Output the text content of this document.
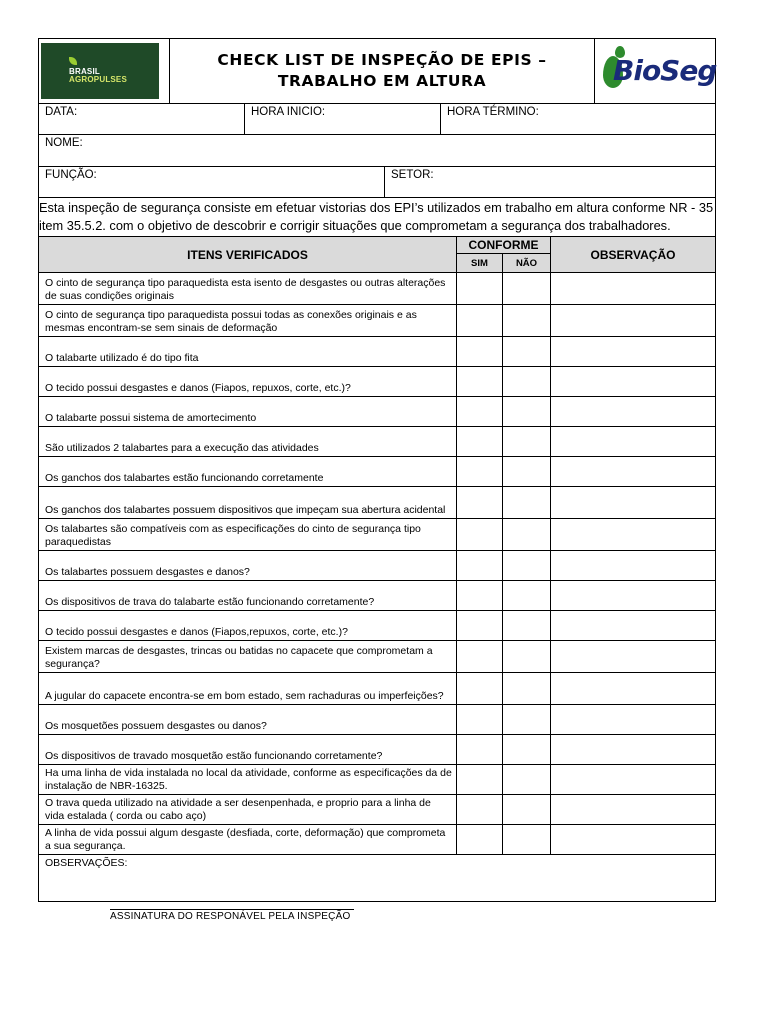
BRASIL
AGROPULSES

CHECK LIST DE INSPEÇÃO DE EPIS –
TRABALHO EM ALTURA	BioSeg
DATA:	HORA INICIO:	HORA TÉRMINO:
NOME:
FUNÇÃO:	SETOR:
Esta inspeção de segurança consiste em efetuar vistorias dos EPI’s utilizados em trabalho em altura conforme NR - 35 item 35.5.2. com o objetivo de descobrir e corrigir situações que comprometam a segurança dos trabalhadores.
ITENS VERIFICADOS	CONFORME		OBSERVAÇÃO
	SIM	NÃO	
O cinto de segurança tipo paraquedista esta isento de desgastes ou outras alterações de suas condições originais			
O cinto de segurança tipo paraquedista possui todas as conexões originais e as mesmas encontram-se sem sinais de deformação			
O talabarte utilizado é do tipo fita			
O tecido possui desgastes e danos (Fiapos, repuxos, corte, etc.)?			
O talabarte possui sistema de amortecimento			
São utilizados 2 talabartes para a execução das atividades			
Os ganchos dos talabartes estão funcionando corretamente			
Os ganchos dos talabartes possuem dispositivos que impeçam sua abertura acidental			
Os talabartes são compatíveis com as especificações do cinto de segurança tipo paraquedistas			
Os talabartes possuem desgastes e danos?			
Os dispositivos de trava do talabarte estão funcionando corretamente?			
O tecido possui desgastes e danos (Fiapos,repuxos, corte, etc.)?			
Existem marcas de desgastes, trincas ou batidas no capacete que comprometam a segurança?			
A jugular do capacete encontra-se em bom estado, sem rachaduras ou imperfeições?			
Os mosquetões possuem desgastes ou danos?			
Os dispositivos de travado mosquetão estão funcionando corretamente?			
Ha uma linha de vida instalada no local da atividade, conforme as especificações da de instalação de NBR-16325.			
O trava queda utilizado na atividade a ser desenpenhada, e proprio para a linha de vida estalada ( corda ou cabo aço)			
A linha de vida possui algum desgaste (desfiada, corte, deformação) que comprometa a sua segurança.			
OBSERVAÇÕES:
ASSINATURA DO RESPONÁVEL PELA INSPEÇÃO
